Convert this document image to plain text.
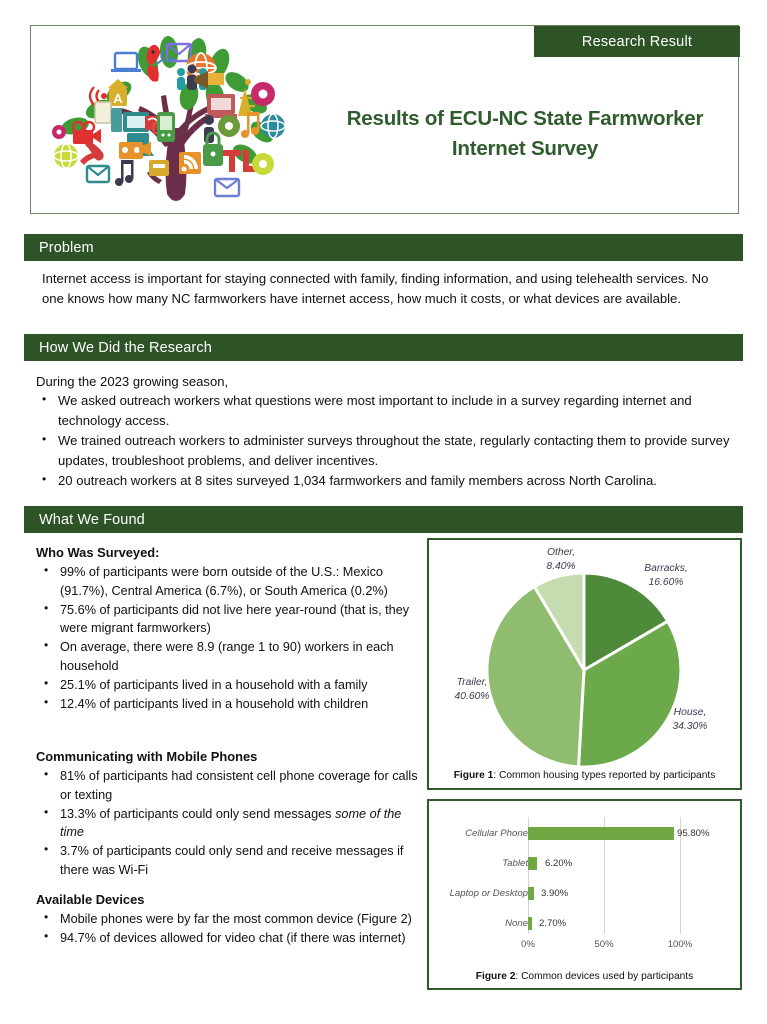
A
Research Result
Results of ECU-NC State Farmworker
Internet Survey
Problem
Internet access is important for staying connected with family, finding information, and using telehealth services. No one knows how many NC farmworkers have internet access, how much it costs, or what devices are available.
How We Did the Research
During the 2023 growing season,
• We asked outreach workers what questions were most important to include in a survey regarding internet and technology access.
• We trained outreach workers to administer surveys throughout the state, regularly contacting them to provide survey updates, troubleshoot problems, and deliver incentives.
• 20 outreach workers at 8 sites surveyed 1,034 farmworkers and family members across North Carolina.
What We Found
Who Was Surveyed:
• 99% of participants were born outside of the U.S.: Mexico (91.7%), Central America (6.7%), or South America (0.2%)
• 75.6% of participants did not live here year-round (that is, they were migrant farmworkers)
• On average, there were 8.9 (range 1 to 90) workers in each household
• 25.1% of participants lived in a household with a family
• 12.4% of participants lived in a household with children
Communicating with Mobile Phones
• 81% of participants had consistent cell phone coverage for calls or texting
• 13.3% of participants could only send messages some of the time
• 3.7% of participants could only send and receive messages if there was Wi-Fi
Available Devices
• Mobile phones were by far the most common device (Figure 2)
• 94.7% of devices allowed for video chat (if there was internet)
Other,
8.40%	Barracks,
16.60%
Trailer,
40.60%
House,
34.30%
Figure 1: Common housing types reported by participants
Cellular Phone	95.80%
Tablet 6.20%
Laptop or Desktop 3.90%
None 2.70%
0%	50%	100%
Figure 2: Common devices used by participants
